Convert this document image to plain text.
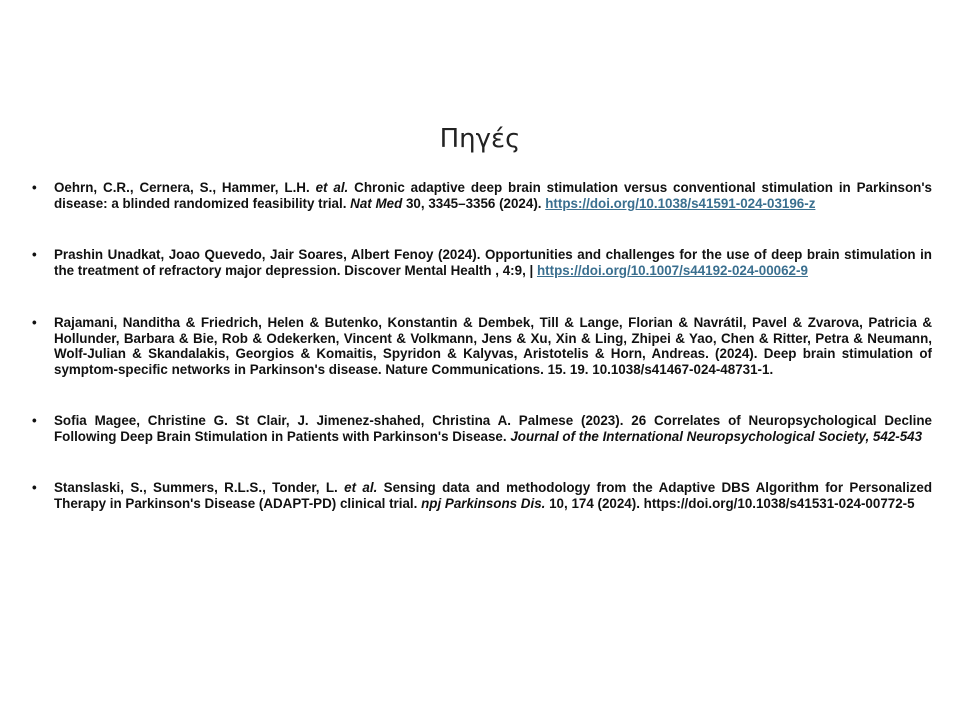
Πηγές
•	Oehrn, C.R., Cernera, S., Hammer, L.H. et al. Chronic adaptive deep brain stimulation versus conventional stimulation in Parkinson's disease: a blinded randomized feasibility trial. Nat Med 30, 3345–3356 (2024). https://doi.org/10.1038/s41591-024-03196-z
•	Prashin Unadkat, Joao Quevedo, Jair Soares, Albert Fenoy (2024). Opportunities and challenges for the use of deep brain stimulation in the treatment of refractory major depression. Discover Mental Health , 4:9, | https://doi.org/10.1007/s44192-024-00062-9
•	Rajamani, Nanditha & Friedrich, Helen & Butenko, Konstantin & Dembek, Till & Lange, Florian & Navrátil, Pavel & Zvarova, Patricia & Hollunder, Barbara & Bie, Rob & Odekerken, Vincent & Volkmann, Jens & Xu, Xin & Ling, Zhipei & Yao, Chen & Ritter, Petra & Neumann, Wolf-Julian & Skandalakis, Georgios & Komaitis, Spyridon & Kalyvas, Aristotelis & Horn, Andreas. (2024). Deep brain stimulation of symptom-specific networks in Parkinson's disease. Nature Communications. 15. 19. 10.1038/s41467-024-48731-1.
•	Sofia Magee, Christine G. St Clair, J. Jimenez-shahed, Christina A. Palmese (2023). 26 Correlates of Neuropsychological Decline Following Deep Brain Stimulation in Patients with Parkinson's Disease. Journal of the International Neuropsychological Society, 542-543
•	Stanslaski, S., Summers, R.L.S., Tonder, L. et al. Sensing data and methodology from the Adaptive DBS Algorithm for Personalized Therapy in Parkinson's Disease (ADAPT-PD) clinical trial. npj Parkinsons Dis. 10, 174 (2024). https://doi.org/10.1038/s41531-024-00772-5
